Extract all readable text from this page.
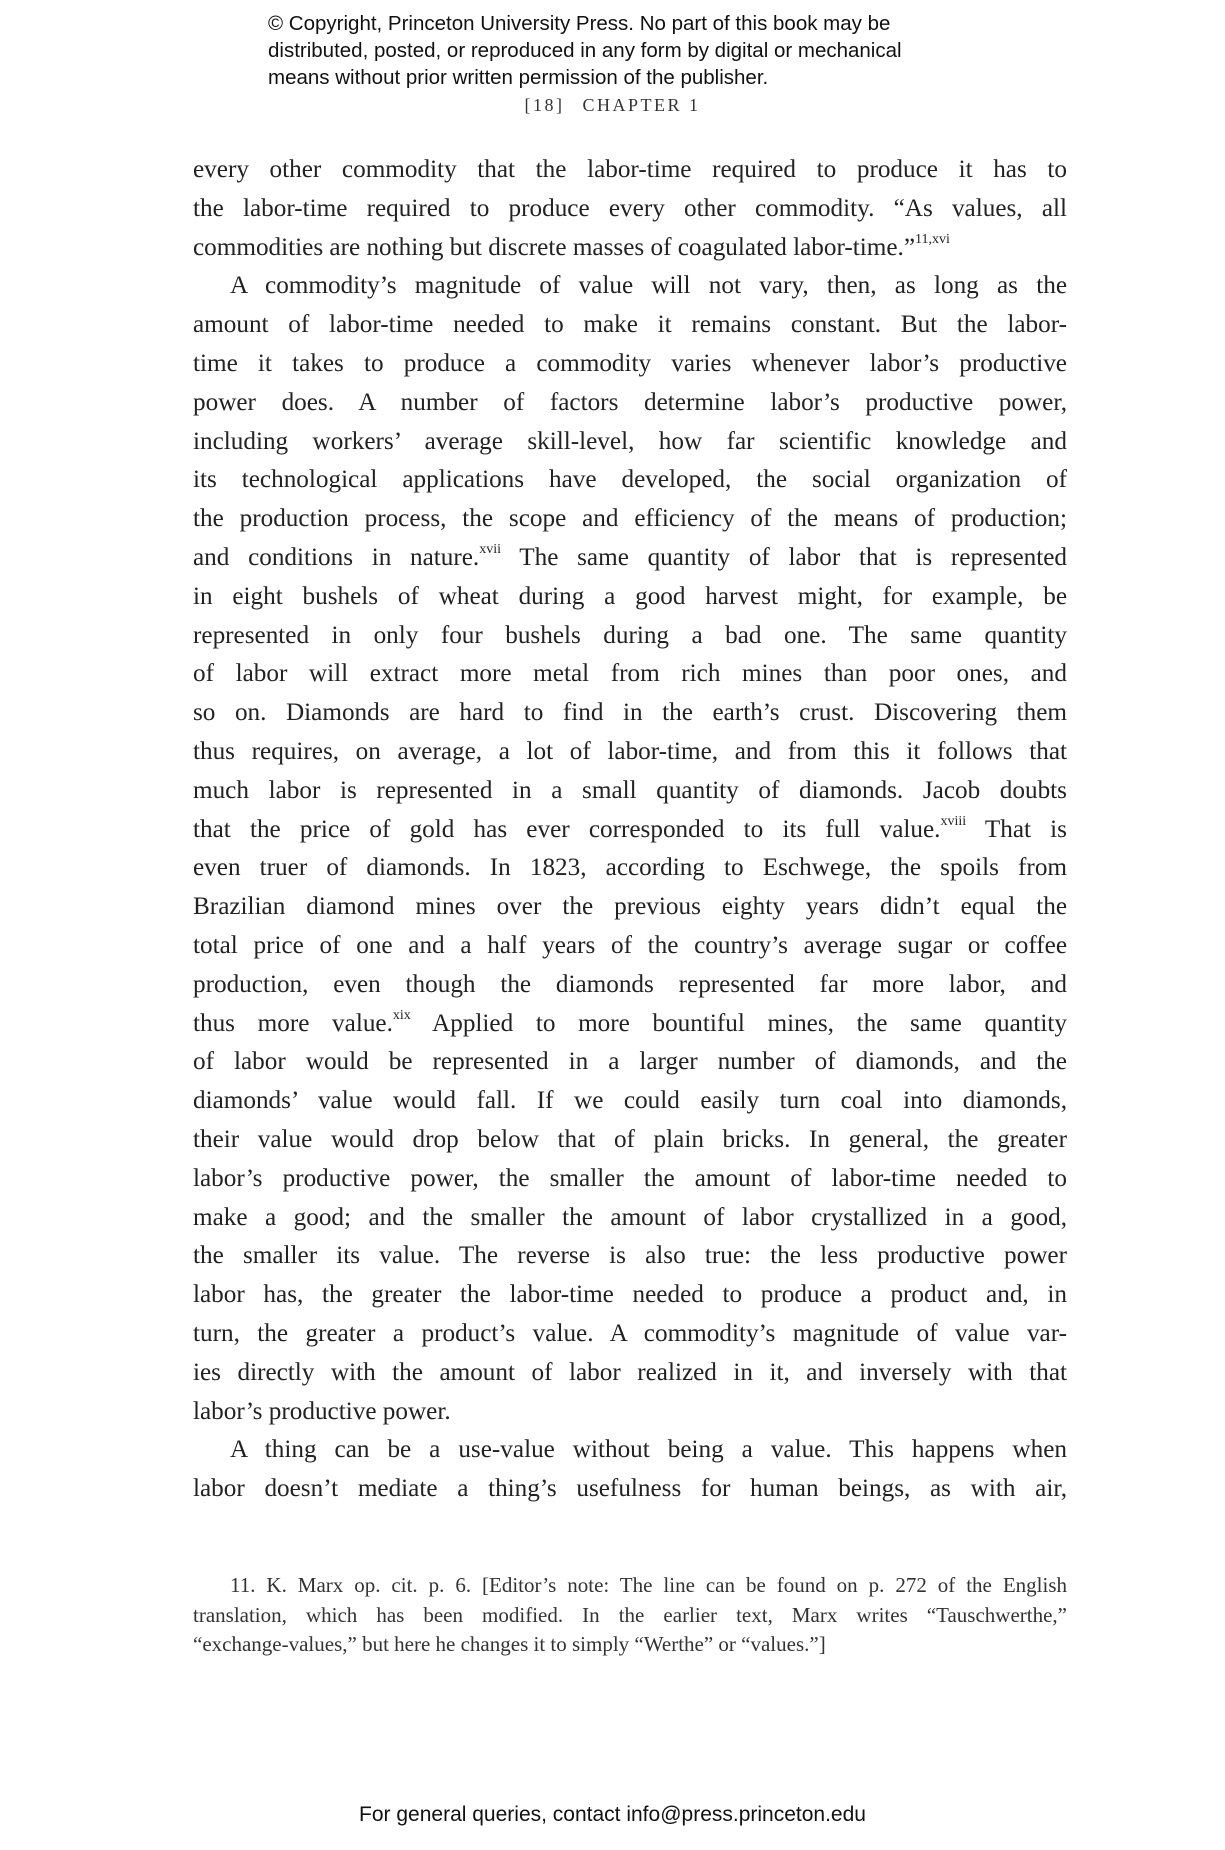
© Copyright, Princeton University Press. No part of this book may be
distributed, posted, or reproduced in any form by digital or mechanical
means without prior written permission of the publisher.
[18] CHAPTER 1
every other commodity that the labor-time required to produce it has to
the labor-time required to produce every other commodity. “As values, all
commodities are nothing but discrete masses of coagulated labor-time.”$^{11,xvi}$
A commodity’s magnitude of value will not vary, then, as long as the
amount of labor-time needed to make it remains constant. But the labor-
time it takes to produce a commodity varies whenever labor’s productive
power does. A number of factors determine labor’s productive power,
including workers’ average skill-level, how far scientific knowledge and
its technological applications have developed, the social organization of
the production process, the scope and efficiency of the means of production;
and conditions in nature.$^{xvii}$ The same quantity of labor that is represented
in eight bushels of wheat during a good harvest might, for example, be
represented in only four bushels during a bad one. The same quantity
of labor will extract more metal from rich mines than poor ones, and
so on. Diamonds are hard to find in the earth’s crust. Discovering them
thus requires, on average, a lot of labor-time, and from this it follows that
much labor is represented in a small quantity of diamonds. Jacob doubts
that the price of gold has ever corresponded to its full value.$^{xviii}$ That is
even truer of diamonds. In 1823, according to Eschwege, the spoils from
Brazilian diamond mines over the previous eighty years didn’t equal the
total price of one and a half years of the country’s average sugar or coffee
production, even though the diamonds represented far more labor, and
thus more value.$^{xix}$ Applied to more bountiful mines, the same quantity
of labor would be represented in a larger number of diamonds, and the
diamonds’ value would fall. If we could easily turn coal into diamonds,
their value would drop below that of plain bricks. In general, the greater
labor’s productive power, the smaller the amount of labor-time needed to
make a good; and the smaller the amount of labor crystallized in a good,
the smaller its value. The reverse is also true: the less productive power
labor has, the greater the labor-time needed to produce a product and, in
turn, the greater a product’s value. A commodity’s magnitude of value var-
ies directly with the amount of labor realized in it, and inversely with that
labor’s productive power.
A thing can be a use-value without being a value. This happens when
labor doesn’t mediate a thing’s usefulness for human beings, as with air,
11. K. Marx op. cit. p. 6. [Editor’s note: The line can be found on p. 272 of the English
translation, which has been modified. In the earlier text, Marx writes “Tauschwerthe,”
“exchange-values,” but here he changes it to simply “Werthe” or “values.”]
For general queries, contact info@press.princeton.edu
